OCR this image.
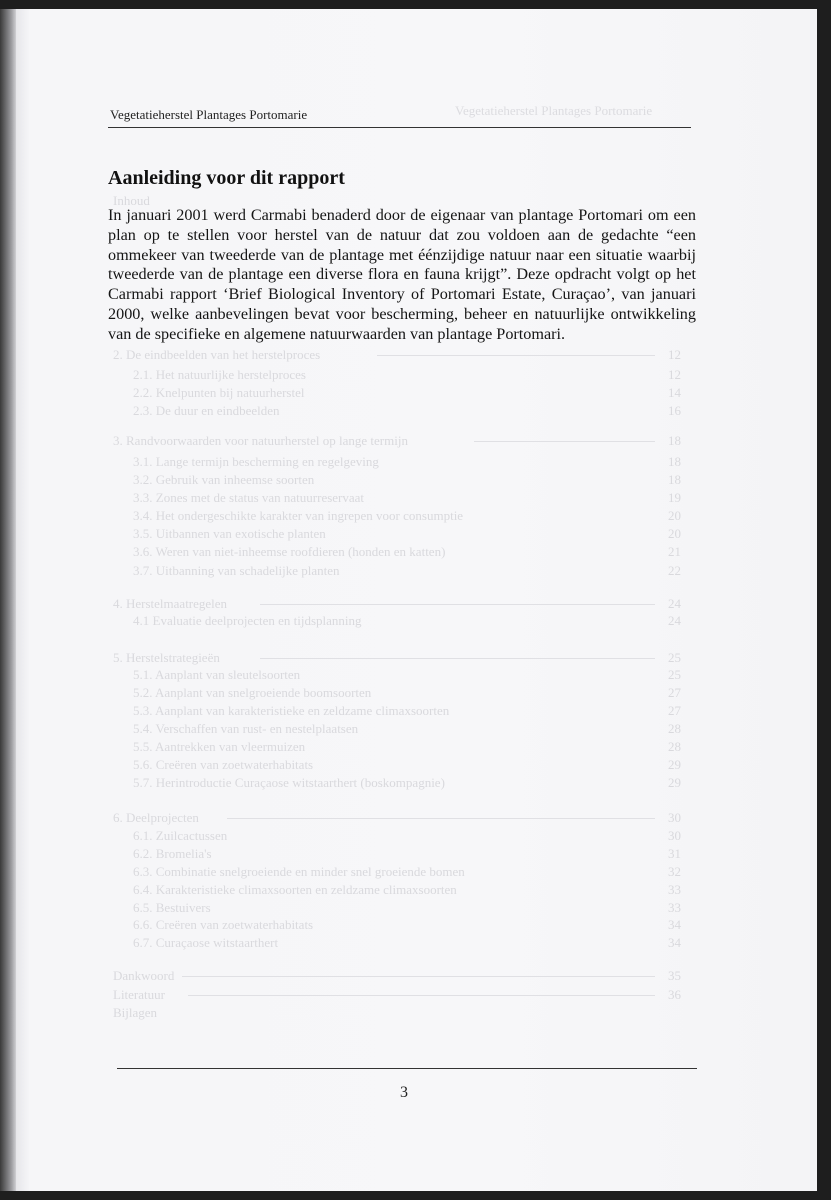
Vegetatieherstel Plantages Portomarie
Inhoud
2. De eindbeelden van het herstelproces	12
2.1. Het natuurlijke herstelproces	12
2.2. Knelpunten bij natuurherstel	14
2.3. De duur en eindbeelden	16
3. Randvoorwaarden voor natuurherstel op lange termijn	18
3.1. Lange termijn bescherming en regelgeving	18
3.2. Gebruik van inheemse soorten	18
3.3. Zones met de status van natuurreservaat	19
3.4. Het ondergeschikte karakter van ingrepen voor consumptie	20
3.5. Uitbannen van exotische planten	20
3.6. Weren van niet-inheemse roofdieren (honden en katten)	21
3.7. Uitbanning van schadelijke planten	22
4. Herstelmaatregelen	24
4.1 Evaluatie deelprojecten en tijdsplanning	24
5. Herstelstrategieën	25
5.1. Aanplant van sleutelsoorten	25
5.2. Aanplant van snelgroeiende boomsoorten	27
5.3. Aanplant van karakteristieke en zeldzame climaxsoorten	27
5.4. Verschaffen van rust- en nestelplaatsen	28
5.5. Aantrekken van vleermuizen	28
5.6. Creëren van zoetwaterhabitats	29
5.7. Herintroductie Curaçaose witstaarthert (boskompagnie)	29
6. Deelprojecten	30
6.1. Zuilcactussen	30
6.2. Bromelia's	31
6.3. Combinatie snelgroeiende en minder snel groeiende bomen	32
6.4. Karakteristieke climaxsoorten en zeldzame climaxsoorten	33
6.5. Bestuivers	33
6.6. Creëren van zoetwaterhabitats	34
6.7. Curaçaose witstaarthert	34
Dankwoord	35
Literatuur	36
Bijlagen
Vegetatieherstel Plantages Portomarie
Aanleiding voor dit rapport
In januari 2001 werd Carmabi benaderd door de eigenaar van plantage Portomari om een plan op te stellen voor herstel van de natuur dat zou voldoen aan de gedachte “een ommekeer van tweederde van de plantage met éénzijdige natuur naar een situatie waarbij tweederde van de plantage een diverse flora en fauna krijgt”. Deze opdracht volgt op het Carmabi rapport ‘Brief Biological Inventory of Portomari Estate, Curaçao’, van januari 2000, welke aanbevelingen bevat voor bescherming, beheer en natuurlijke ontwikkeling van de specifieke en algemene natuurwaarden van plantage Portomari.
3
